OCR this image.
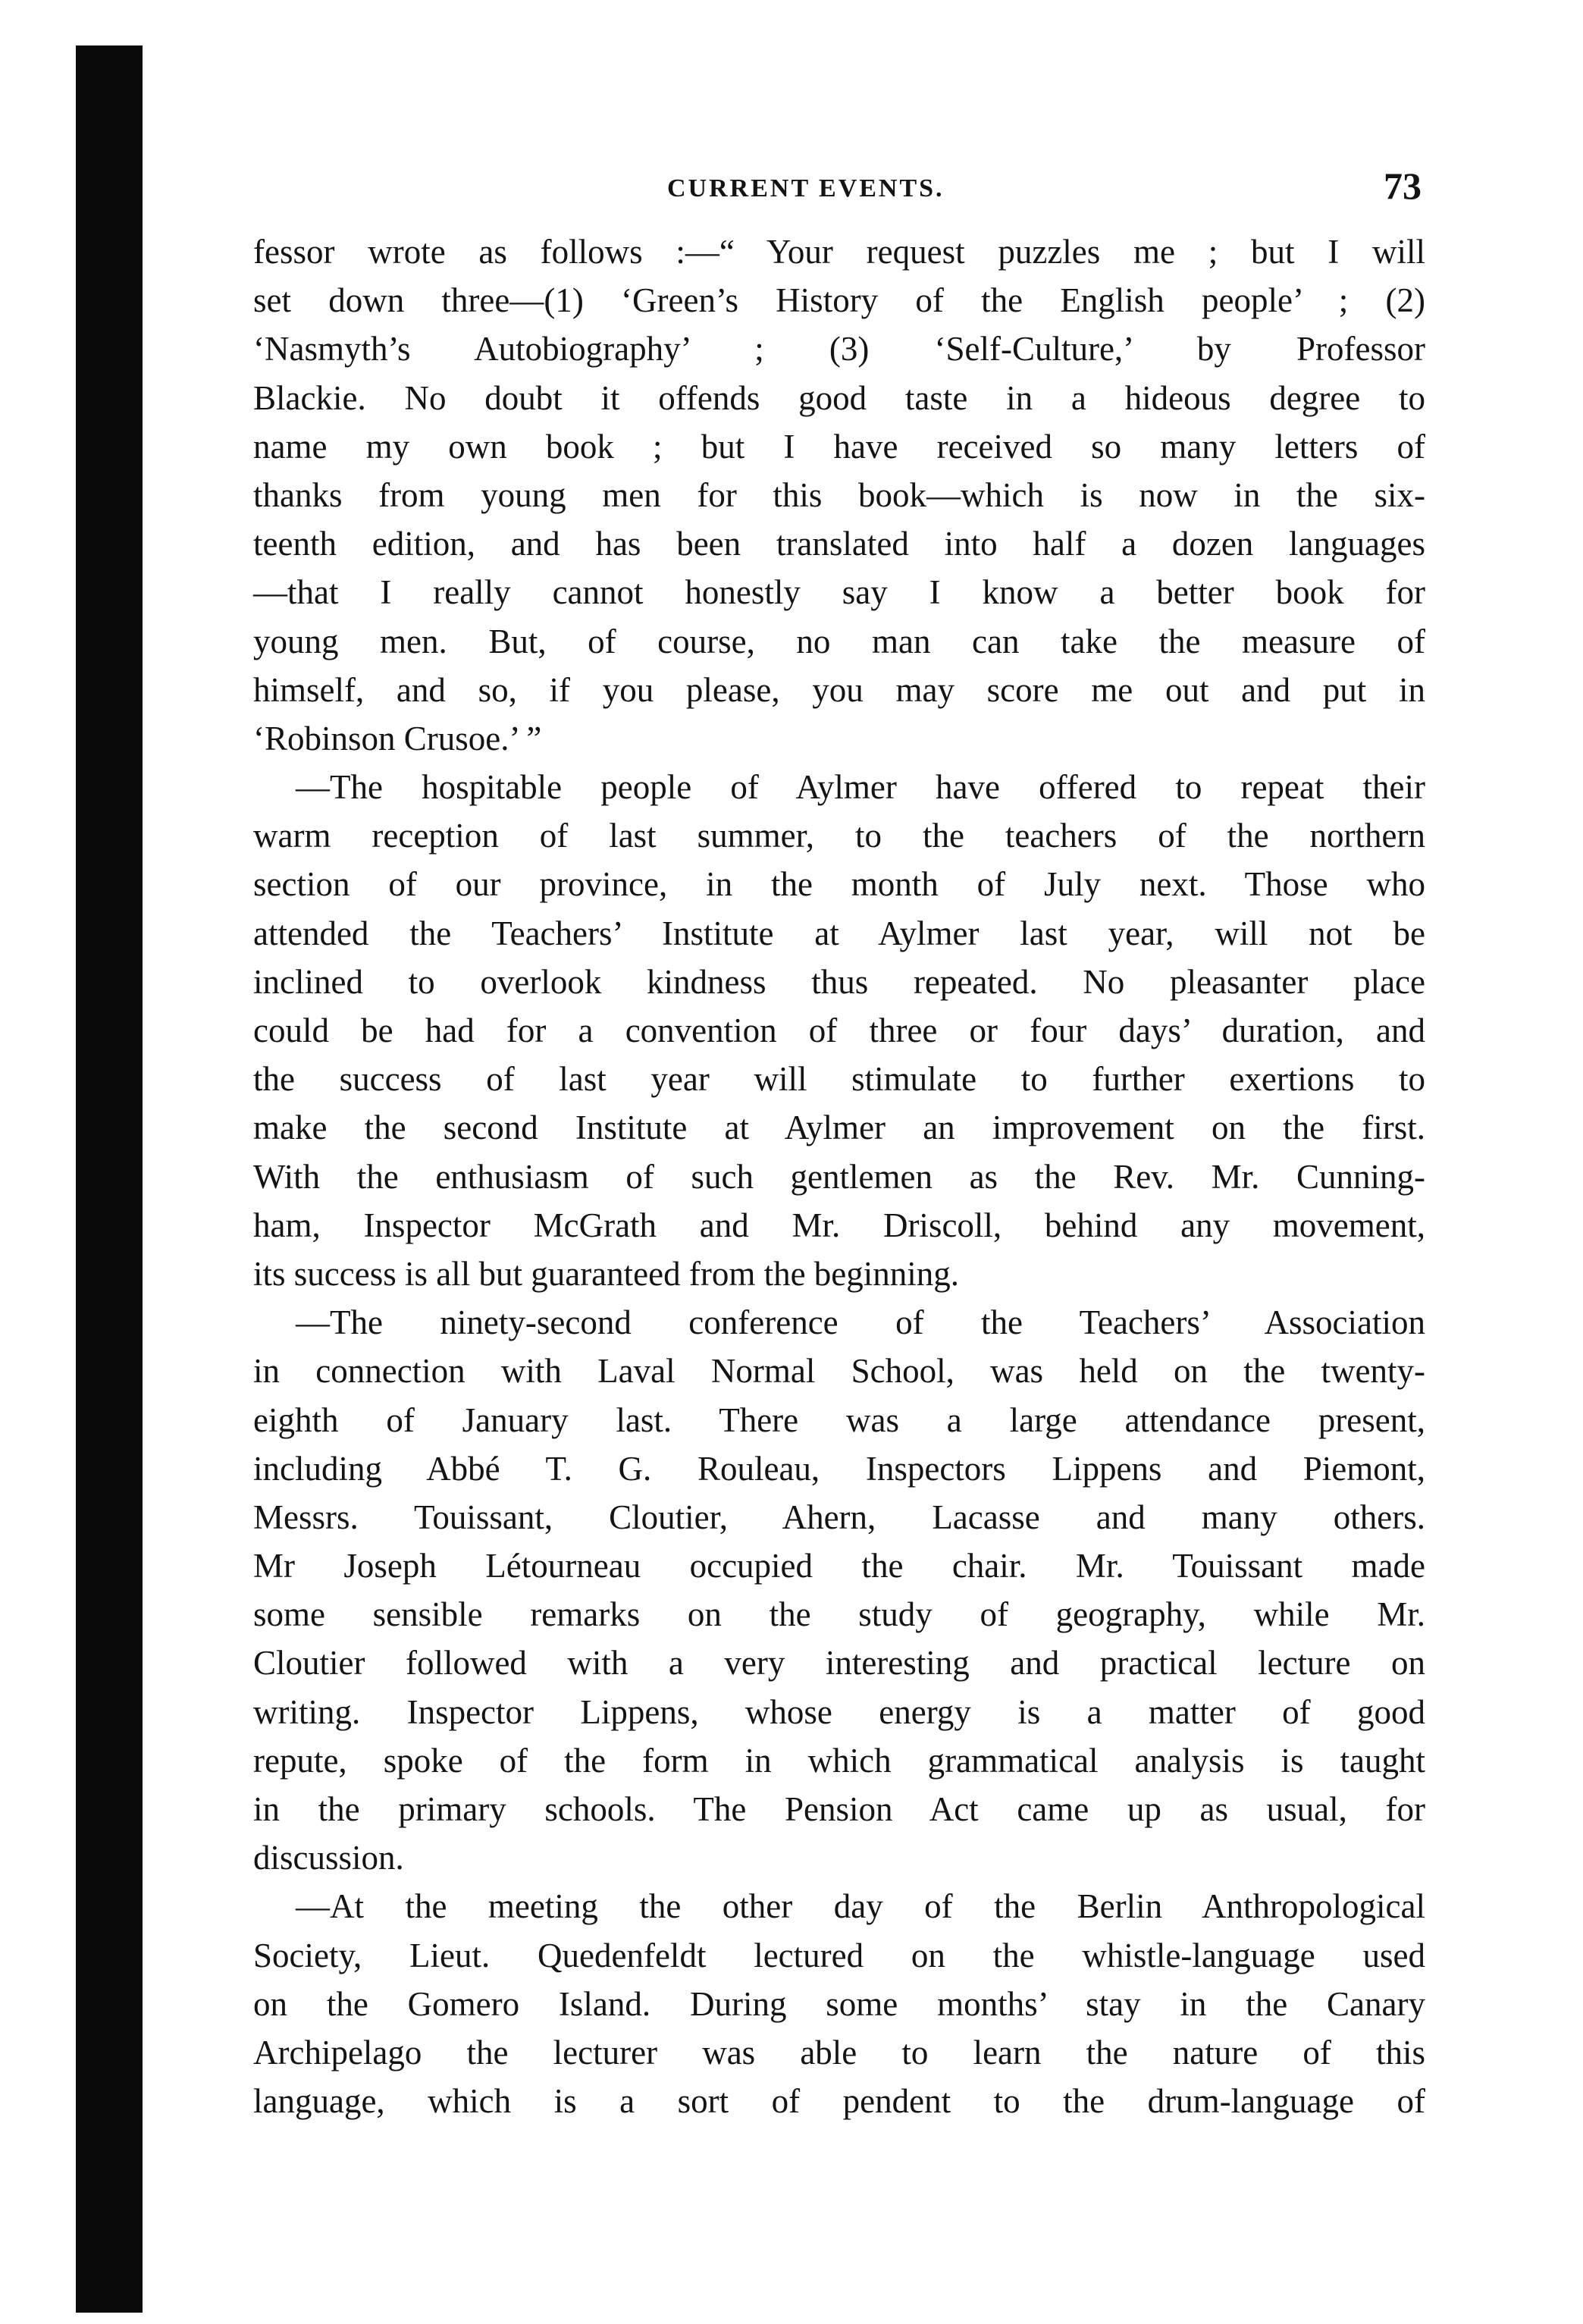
CURRENT EVENTS.	73
fessor wrote as follows :—“ Your request puzzles me ; but I will
set down three—(1) ‘Green’s History of the English people’ ; (2)
‘Nasmyth’s Autobiography’ ; (3) ‘Self-Culture,’ by Professor
Blackie. No doubt it offends good taste in a hideous degree to
name my own book ; but I have received so many letters of
thanks from young men for this book—which is now in the six-
teenth edition, and has been translated into half a dozen languages
—that I really cannot honestly say I know a better book for
young men. But, of course, no man can take the measure of
himself, and so, if you please, you may score me out and put in
‘Robinson Crusoe.’ ”
—The hospitable people of Aylmer have offered to repeat their
warm reception of last summer, to the teachers of the northern
section of our province, in the month of July next. Those who
attended the Teachers’ Institute at Aylmer last year, will not be
inclined to overlook kindness thus repeated. No pleasanter place
could be had for a convention of three or four days’ duration, and
the success of last year will stimulate to further exertions to
make the second Institute at Aylmer an improvement on the first.
With the enthusiasm of such gentlemen as the Rev. Mr. Cunning-
ham, Inspector McGrath and Mr. Driscoll, behind any movement,
its success is all but guaranteed from the beginning.
—The ninety-second conference of the Teachers’ Association
in connection with Laval Normal School, was held on the twenty-
eighth of January last. There was a large attendance present,
including Abbé T. G. Rouleau, Inspectors Lippens and Piemont,
Messrs. Touissant, Cloutier, Ahern, Lacasse and many others.
Mr Joseph Létourneau occupied the chair. Mr. Touissant made
some sensible remarks on the study of geography, while Mr.
Cloutier followed with a very interesting and practical lecture on
writing. Inspector Lippens, whose energy is a matter of good
repute, spoke of the form in which grammatical analysis is taught
in the primary schools. The Pension Act came up as usual, for
discussion.
—At the meeting the other day of the Berlin Anthropological
Society, Lieut. Quedenfeldt lectured on the whistle-language used
on the Gomero Island. During some months’ stay in the Canary
Archipelago the lecturer was able to learn the nature of this
language, which is a sort of pendent to the drum-language of
